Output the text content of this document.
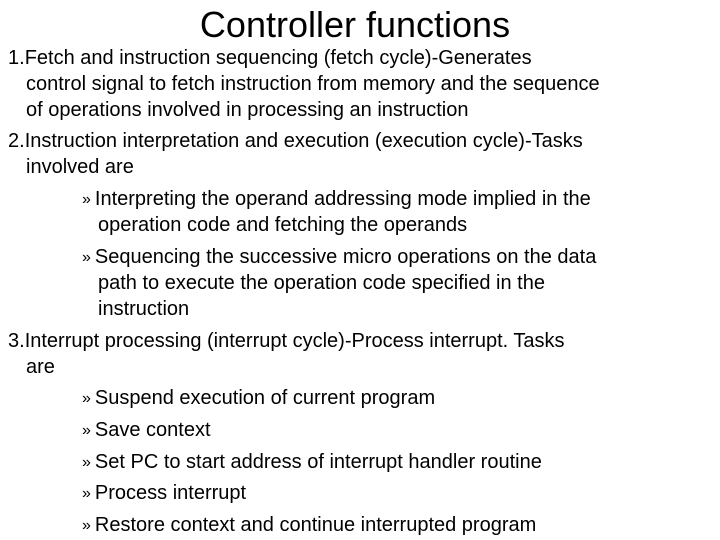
Controller functions
1.Fetch and instruction sequencing (fetch cycle)-Generates
control signal to fetch instruction from memory and the sequence
of operations involved in processing an instruction
2.Instruction interpretation and execution (execution cycle)-Tasks
involved are
» Interpreting the operand addressing mode implied in the
operation code and fetching the operands
» Sequencing the successive micro operations on the data
path to execute the operation code specified in the
instruction
3.Interrupt processing (interrupt cycle)-Process interrupt. Tasks
are
» Suspend execution of current program
» Save context
» Set PC to start address of interrupt handler routine
» Process interrupt
» Restore context and continue interrupted program
